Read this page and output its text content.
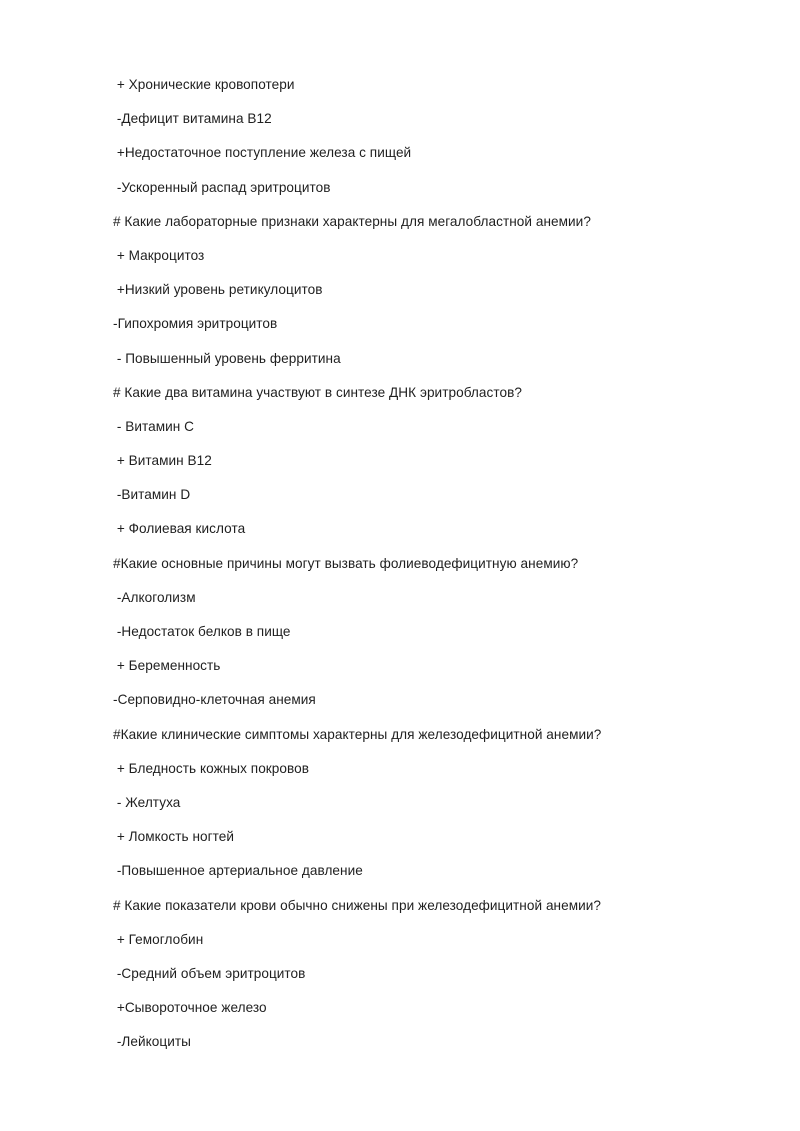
+ Хронические кровопотери
-Дефицит витамина В12
+Недостаточное поступление железа с пищей
-Ускоренный распад эритроцитов
# Какие лабораторные признаки характерны для мегалобластной анемии?
+ Макроцитоз
+Низкий уровень ретикулоцитов
-Гипохромия эритроцитов
- Повышенный уровень ферритина
# Какие два витамина участвуют в синтезе ДНК эритробластов?
- Витамин С
+ Витамин В12
-Витамин D
+ Фолиевая кислота
#Какие основные причины могут вызвать фолиеводефицитную анемию?
-Алкоголизм
-Недостаток белков в пище
+ Беременность
-Серповидно-клеточная анемия
#Какие клинические симптомы характерны для железодефицитной анемии?
+ Бледность кожных покровов
- Желтуха
+ Ломкость ногтей
-Повышенное артериальное давление
# Какие показатели крови обычно снижены при железодефицитной анемии?
+ Гемоглобин
-Средний объем эритроцитов
+Сывороточное железо
-Лейкоциты
